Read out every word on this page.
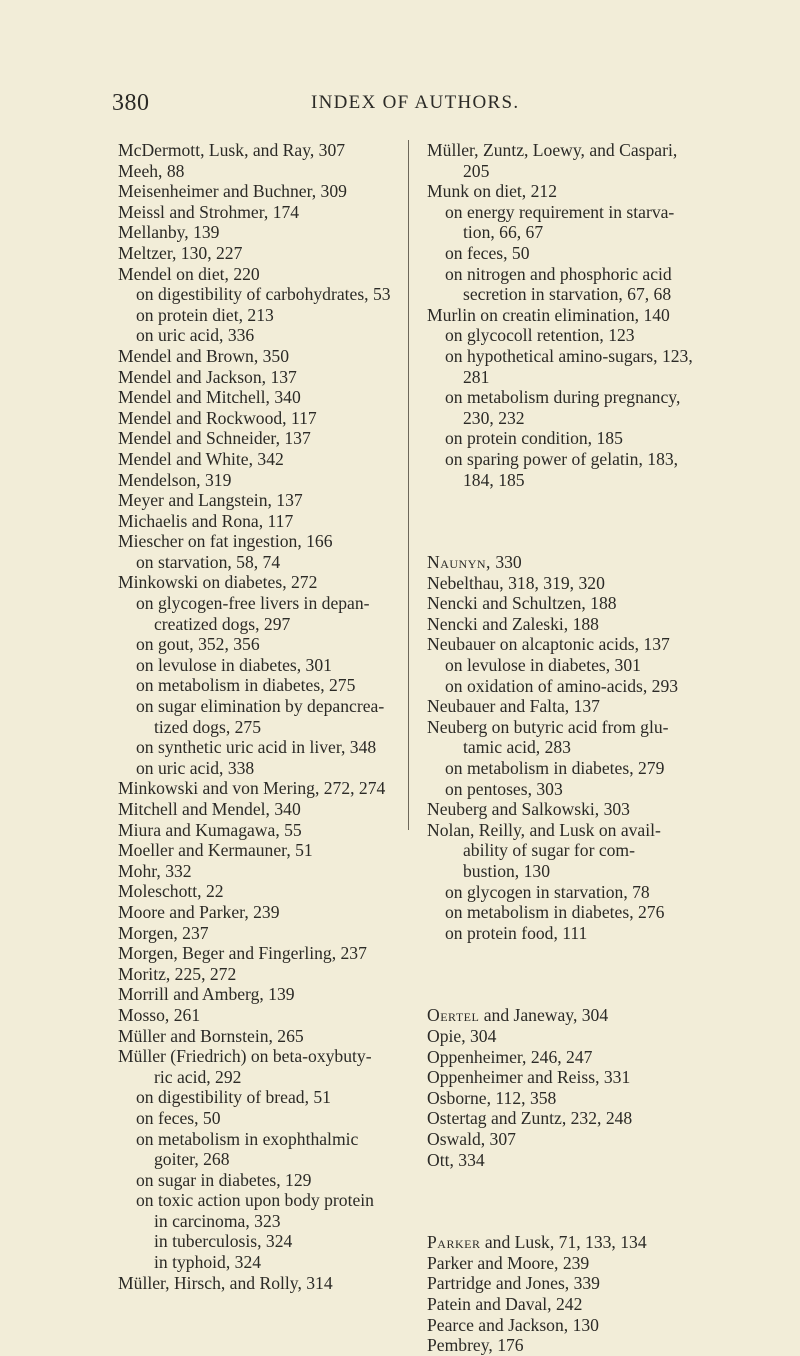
380	INDEX OF AUTHORS.
McDermott, Lusk, and Ray, 307
Meeh, 88
Meisenheimer and Buchner, 309
Meissl and Strohmer, 174
Mellanby, 139
Meltzer, 130, 227
Mendel on diet, 220
on digestibility of carbohydrates, 53
on protein diet, 213
on uric acid, 336
Mendel and Brown, 350
Mendel and Jackson, 137
Mendel and Mitchell, 340
Mendel and Rockwood, 117
Mendel and Schneider, 137
Mendel and White, 342
Mendelson, 319
Meyer and Langstein, 137
Michaelis and Rona, 117
Miescher on fat ingestion, 166
on starvation, 58, 74
Minkowski on diabetes, 272
on glycogen-free livers in depan-
creatized dogs, 297
on gout, 352, 356
on levulose in diabetes, 301
on metabolism in diabetes, 275
on sugar elimination by depancrea-
tized dogs, 275
on synthetic uric acid in liver, 348
on uric acid, 338
Minkowski and von Mering, 272, 274
Mitchell and Mendel, 340
Miura and Kumagawa, 55
Moeller and Kermauner, 51
Mohr, 332
Moleschott, 22
Moore and Parker, 239
Morgen, 237
Morgen, Beger and Fingerling, 237
Moritz, 225, 272
Morrill and Amberg, 139
Mosso, 261
Müller and Bornstein, 265
Müller (Friedrich) on beta-oxybuty-
ric acid, 292
on digestibility of bread, 51
on feces, 50
on metabolism in exophthalmic
goiter, 268
on sugar in diabetes, 129
on toxic action upon body protein
in carcinoma, 323
in tuberculosis, 324
in typhoid, 324
Müller, Hirsch, and Rolly, 314
Müller, Zuntz, Loewy, and Caspari,
205
Munk on diet, 212
on energy requirement in starva-
tion, 66, 67
on feces, 50
on nitrogen and phosphoric acid
secretion in starvation, 67, 68
Murlin on creatin elimination, 140
on glycocoll retention, 123
on hypothetical amino-sugars, 123,
281
on metabolism during pregnancy,
230, 232
on protein condition, 185
on sparing power of gelatin, 183,
184, 185
Naunyn, 330
Nebelthau, 318, 319, 320
Nencki and Schultzen, 188
Nencki and Zaleski, 188
Neubauer on alcaptonic acids, 137
on levulose in diabetes, 301
on oxidation of amino-acids, 293
Neubauer and Falta, 137
Neuberg on butyric acid from glu-
tamic acid, 283
on metabolism in diabetes, 279
on pentoses, 303
Neuberg and Salkowski, 303
Nolan, Reilly, and Lusk on avail-
ability of sugar for com-
bustion, 130
on glycogen in starvation, 78
on metabolism in diabetes, 276
on protein food, 111
Oertel and Janeway, 304
Opie, 304
Oppenheimer, 246, 247
Oppenheimer and Reiss, 331
Osborne, 112, 358
Ostertag and Zuntz, 232, 248
Oswald, 307
Ott, 334
Parker and Lusk, 71, 133, 134
Parker and Moore, 239
Partridge and Jones, 339
Patein and Daval, 242
Pearce and Jackson, 130
Pembrey, 176
